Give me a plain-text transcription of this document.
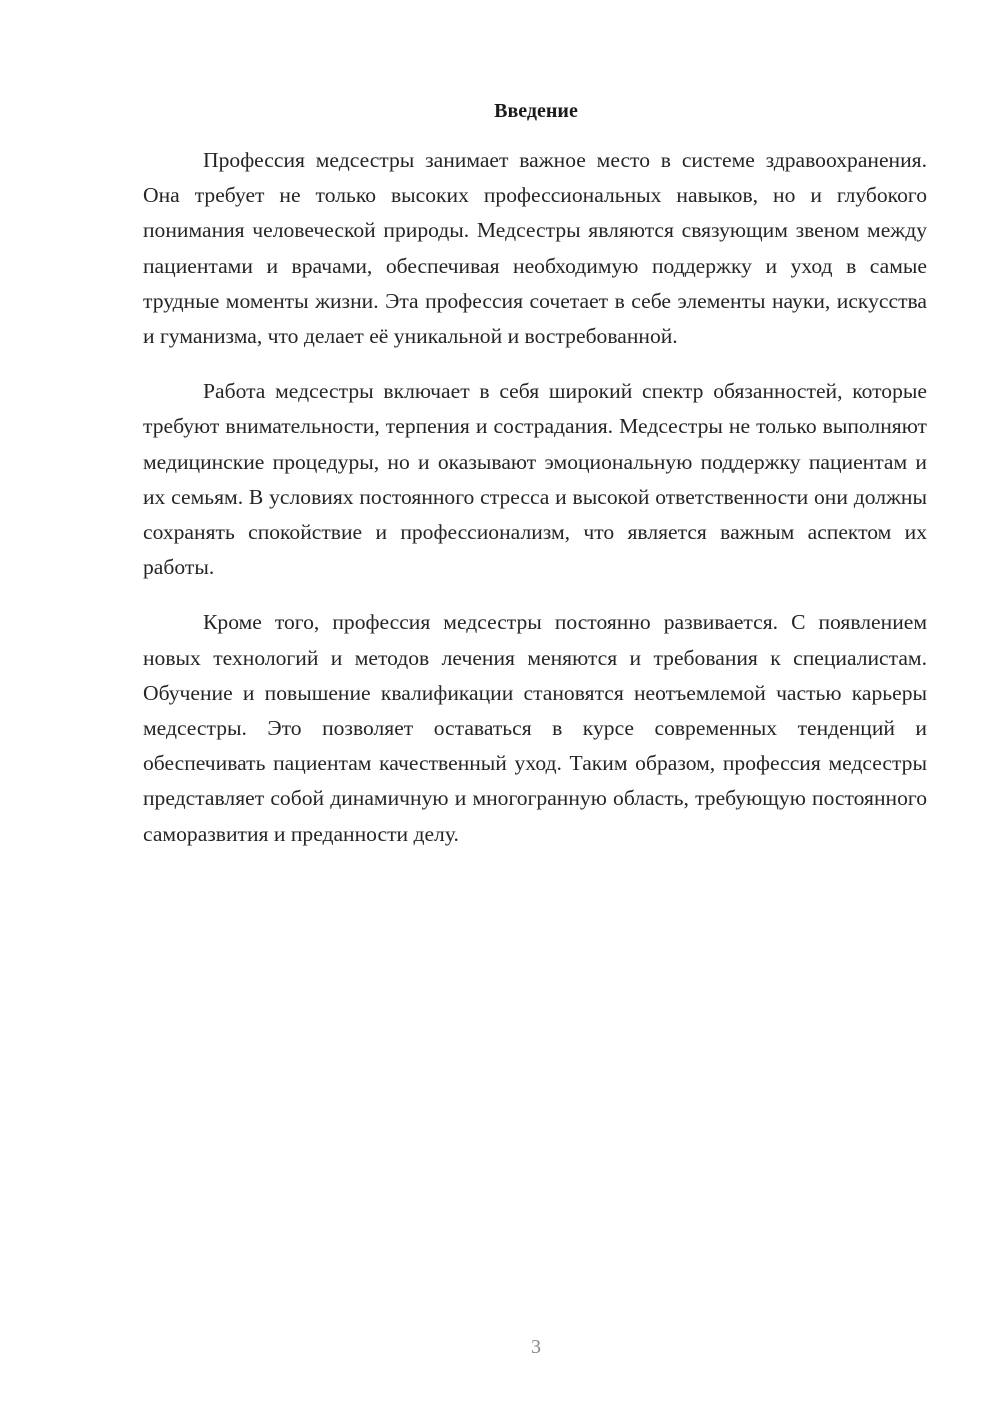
Введение

Профессия медсестры занимает важное место в системе здравоохранения. Она требует не только высоких профессиональных навыков, но и глубокого понимания человеческой природы. Медсестры являются связующим звеном между пациентами и врачами, обеспечивая необходимую поддержку и уход в самые трудные моменты жизни. Эта профессия сочетает в себе элементы науки, искусства и гуманизма, что делает её уникальной и востребованной.

Работа медсестры включает в себя широкий спектр обязанностей, которые требуют внимательности, терпения и сострадания. Медсестры не только выполняют медицинские процедуры, но и оказывают эмоциональную поддержку пациентам и их семьям. В условиях постоянного стресса и высокой ответственности они должны сохранять спокойствие и профессионализм, что является важным аспектом их работы.

Кроме того, профессия медсестры постоянно развивается. С появлением новых технологий и методов лечения меняются и требования к специалистам. Обучение и повышение квалификации становятся неотъемлемой частью карьеры медсестры. Это позволяет оставаться в курсе современных тенденций и обеспечивать пациентам качественный уход. Таким образом, профессия медсестры представляет собой динамичную и многогранную область, требующую постоянного саморазвития и преданности делу.

3
